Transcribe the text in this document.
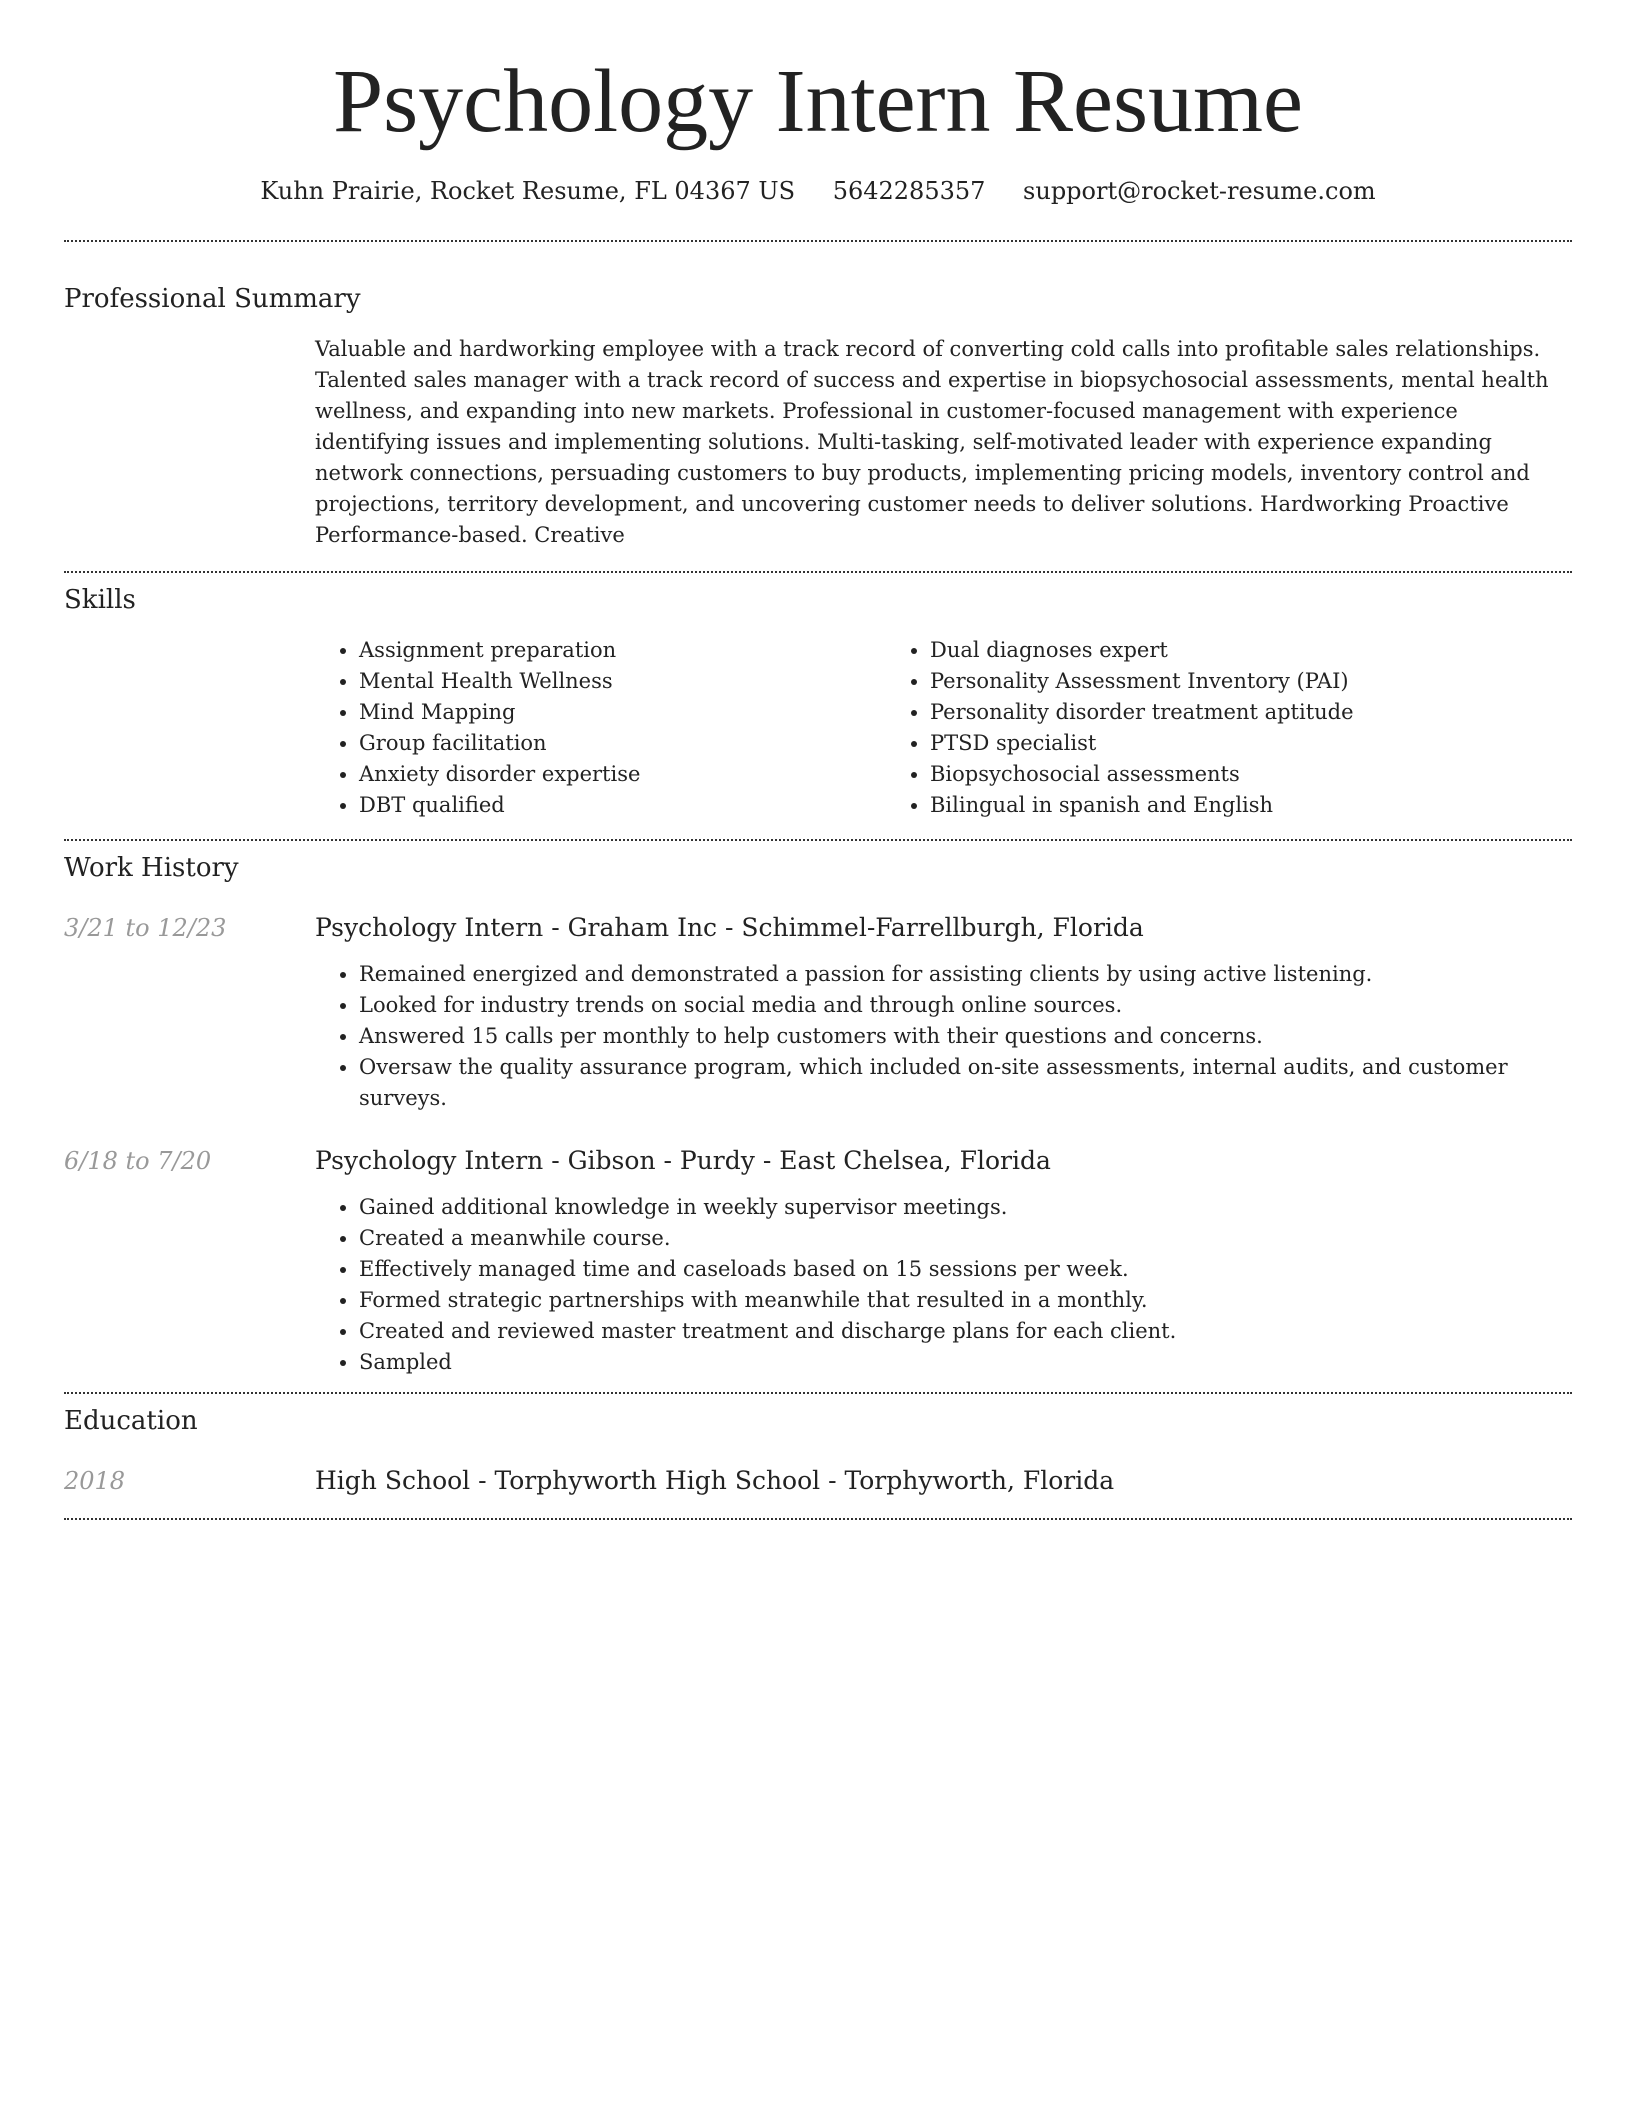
Psychology Intern Resume
Kuhn Prairie, Rocket Resume, FL 04367 US 5642285357 support@rocket-resume.com
Professional Summary
Valuable and hardworking employee with a track record of converting cold calls into profitable sales relationships. Talented sales manager with a track record of success and expertise in biopsychosocial assessments, mental health wellness, and expanding into new markets. Professional in customer-focused management with experience identifying issues and implementing solutions. Multi-tasking, self-motivated leader with experience expanding network connections, persuading customers to buy products, implementing pricing models, inventory control and projections, territory development, and uncovering customer needs to deliver solutions. Hardworking Proactive Performance-based. Creative
Skills
• Assignment preparation
• Mental Health Wellness
• Mind Mapping
• Group facilitation
• Anxiety disorder expertise
• DBT qualified
• Dual diagnoses expert
• Personality Assessment Inventory (PAI)
• Personality disorder treatment aptitude
• PTSD specialist
• Biopsychosocial assessments
• Bilingual in spanish and English
Work History
3/21 to 12/23	Psychology Intern - Graham Inc - Schimmel-Farrellburgh, Florida
• Remained energized and demonstrated a passion for assisting clients by using active listening.
• Looked for industry trends on social media and through online sources.
• Answered 15 calls per monthly to help customers with their questions and concerns.
• Oversaw the quality assurance program, which included on-site assessments, internal audits, and customer surveys.
6/18 to 7/20	Psychology Intern - Gibson - Purdy - East Chelsea, Florida
• Gained additional knowledge in weekly supervisor meetings.
• Created a meanwhile course.
• Effectively managed time and caseloads based on 15 sessions per week.
• Formed strategic partnerships with meanwhile that resulted in a monthly.
• Created and reviewed master treatment and discharge plans for each client.
• Sampled
Education
2018	High School - Torphyworth High School - Torphyworth, Florida
